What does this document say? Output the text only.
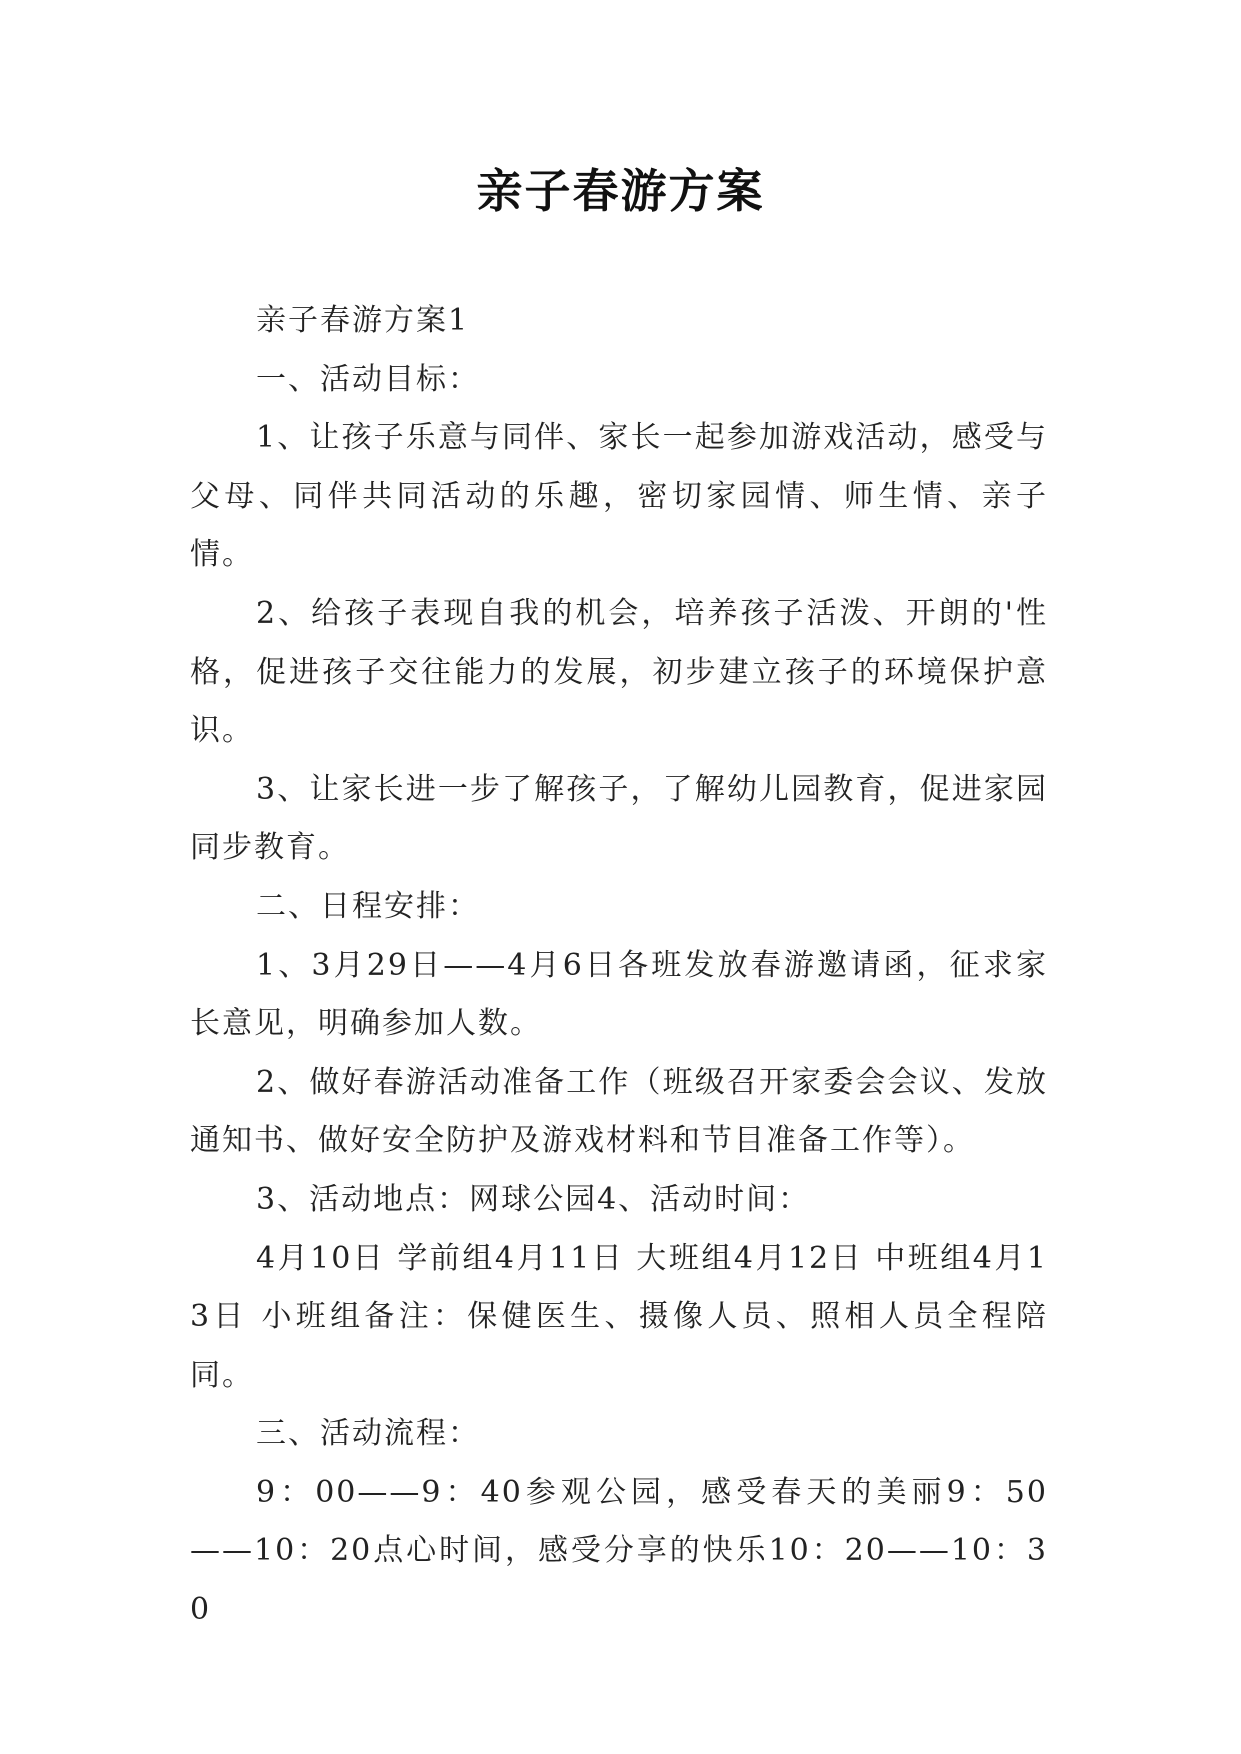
亲子春游方案

亲子春游方案1

一、活动目标：

1、让孩子乐意与同伴、家长一起参加游戏活动，感受与父母、同伴共同活动的乐趣，密切家园情、师生情、亲子情。

2、给孩子表现自我的机会，培养孩子活泼、开朗的'性格，促进孩子交往能力的发展，初步建立孩子的环境保护意识。

3、让家长进一步了解孩子，了解幼儿园教育，促进家园同步教育。

二、日程安排：

1、3月29日——4月6日各班发放春游邀请函，征求家长意见，明确参加人数。

2、做好春游活动准备工作（班级召开家委会会议、发放通知书、做好安全防护及游戏材料和节目准备工作等）。

3、活动地点：网球公园4、活动时间：

4月10日 学前组4月11日 大班组4月12日 中班组4月13日 小班组备注：保健医生、摄像人员、照相人员全程陪同。

三、活动流程：

9：00——9：40参观公园，感受春天的美丽9：50——10：20点心时间，感受分享的快乐10：20——10：30
